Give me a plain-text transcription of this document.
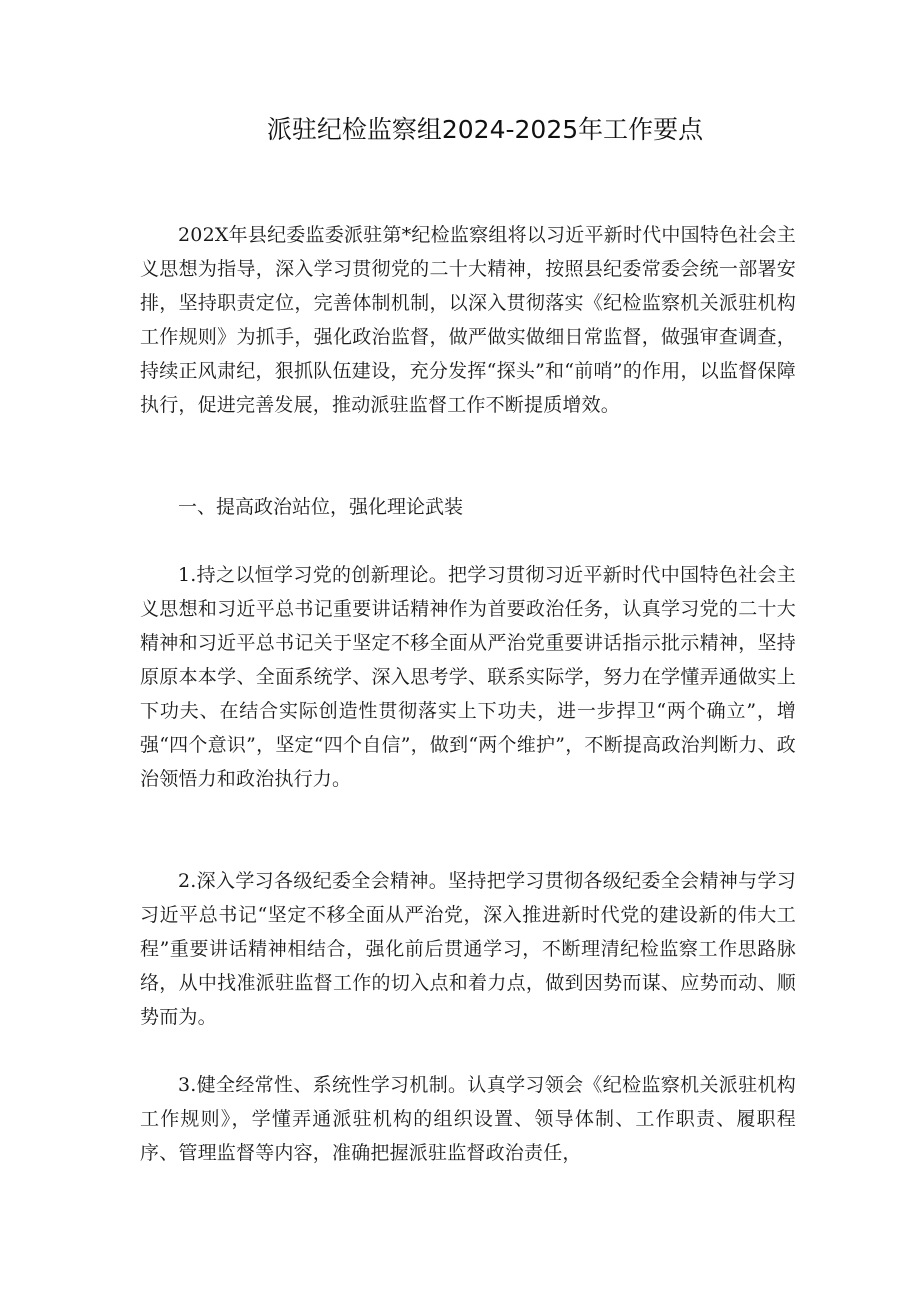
派驻纪检监察组2024-2025年工作要点

202X年县纪委监委派驻第*纪检监察组将以习近平新时代中国特色社会主义思想为指导，深入学习贯彻党的二十大精神，按照县纪委常委会统一部署安排，坚持职责定位，完善体制机制，以深入贯彻落实《纪检监察机关派驻机构工作规则》为抓手，强化政治监督，做严做实做细日常监督，做强审查调查，持续正风肃纪，狠抓队伍建设，充分发挥“探头”和“前哨”的作用，以监督保障执行，促进完善发展，推动派驻监督工作不断提质增效。

一、提高政治站位，强化理论武装

1.持之以恒学习党的创新理论。把学习贯彻习近平新时代中国特色社会主义思想和习近平总书记重要讲话精神作为首要政治任务，认真学习党的二十大精神和习近平总书记关于坚定不移全面从严治党重要讲话指示批示精神，坚持原原本本学、全面系统学、深入思考学、联系实际学，努力在学懂弄通做实上下功夫、在结合实际创造性贯彻落实上下功夫，进一步捍卫“两个确立”，增强“四个意识”，坚定“四个自信”，做到“两个维护”，不断提高政治判断力、政治领悟力和政治执行力。

2.深入学习各级纪委全会精神。坚持把学习贯彻各级纪委全会精神与学习习近平总书记“坚定不移全面从严治党，深入推进新时代党的建设新的伟大工程”重要讲话精神相结合，强化前后贯通学习，不断理清纪检监察工作思路脉络，从中找准派驻监督工作的切入点和着力点，做到因势而谋、应势而动、顺势而为。

3.健全经常性、系统性学习机制。认真学习领会《纪检监察机关派驻机构工作规则》，学懂弄通派驻机构的组织设置、领导体制、工作职责、履职程序、管理监督等内容，准确把握派驻监督政治责任，
